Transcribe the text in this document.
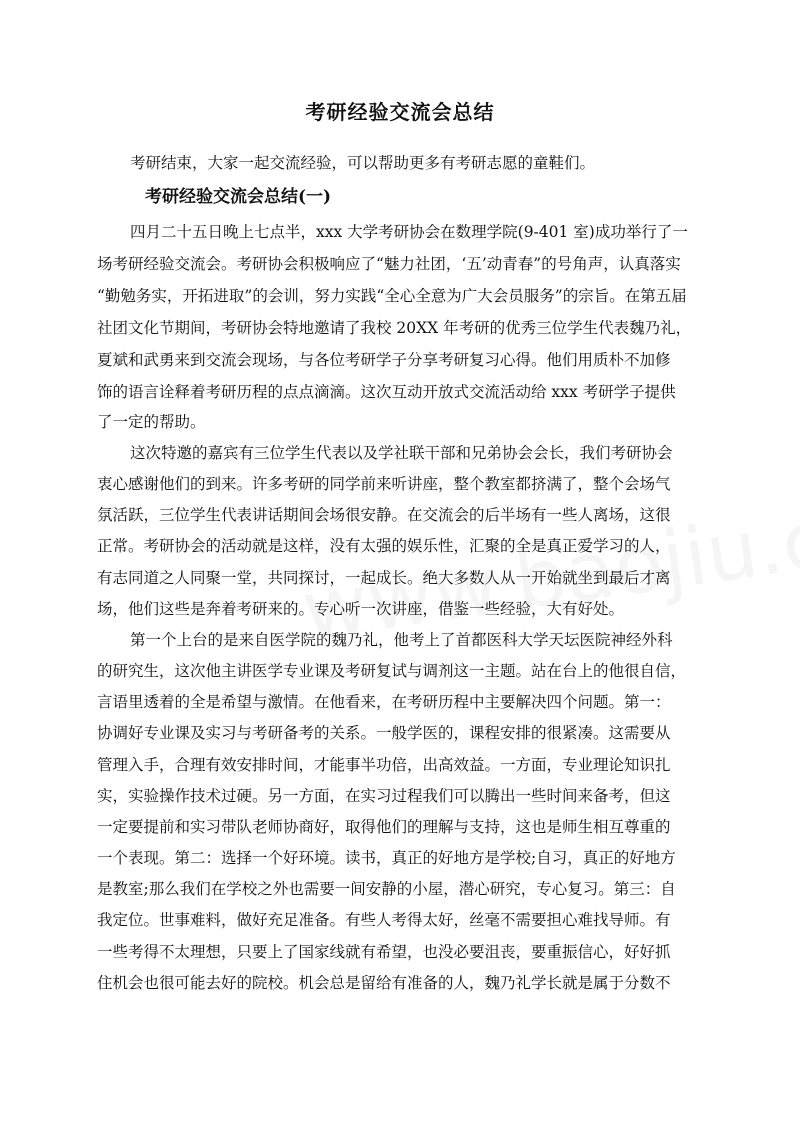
考研经验交流会总结

考研结束，大家一起交流经验，可以帮助更多有考研志愿的童鞋们。

考研经验交流会总结(一)

四月二十五日晚上七点半，xxx 大学考研协会在数理学院(9-401 室)成功举行了一

场考研经验交流会。考研协会积极响应了“魅力社团，‘五’动青春”的号角声，认真落实

“勤勉务实，开拓进取”的会训，努力实践“全心全意为广大会员服务”的宗旨。在第五届

社团文化节期间，考研协会特地邀请了我校 20XX 年考研的优秀三位学生代表魏乃礼，

夏斌和武勇来到交流会现场，与各位考研学子分享考研复习心得。他们用质朴不加修

饰的语言诠释着考研历程的点点滴滴。这次互动开放式交流活动给 xxx 考研学子提供

了一定的帮助。

这次特邀的嘉宾有三位学生代表以及学社联干部和兄弟协会会长，我们考研协会

衷心感谢他们的到来。许多考研的同学前来听讲座，整个教室都挤满了，整个会场气

氛活跃，三位学生代表讲话期间会场很安静。在交流会的后半场有一些人离场，这很

正常。考研协会的活动就是这样，没有太强的娱乐性，汇聚的全是真正爱学习的人，

有志同道之人同聚一堂，共同探讨，一起成长。绝大多数人从一开始就坐到最后才离

场，他们这些是奔着考研来的。专心听一次讲座，借鉴一些经验，大有好处。

第一个上台的是来自医学院的魏乃礼，他考上了首都医科大学天坛医院神经外科

的研究生，这次他主讲医学专业课及考研复试与调剂这一主题。站在台上的他很自信，

言语里透着的全是希望与激情。在他看来，在考研历程中主要解决四个问题。第一：

协调好专业课及实习与考研备考的关系。一般学医的，课程安排的很紧凑。这需要从

管理入手，合理有效安排时间，才能事半功倍，出高效益。一方面，专业理论知识扎

实，实验操作技术过硬。另一方面，在实习过程我们可以腾出一些时间来备考，但这

一定要提前和实习带队老师协商好，取得他们的理解与支持，这也是师生相互尊重的

一个表现。第二：选择一个好环境。读书，真正的好地方是学校;自习，真正的好地方

是教室;那么我们在学校之外也需要一间安静的小屋，潜心研究，专心复习。第三：自

我定位。世事难料，做好充足准备。有些人考得太好，丝毫不需要担心难找导师。有

一些考得不太理想，只要上了国家线就有希望，也没必要沮丧，要重振信心，好好抓

住机会也很可能去好的院校。机会总是留给有准备的人，魏乃礼学长就是属于分数不
